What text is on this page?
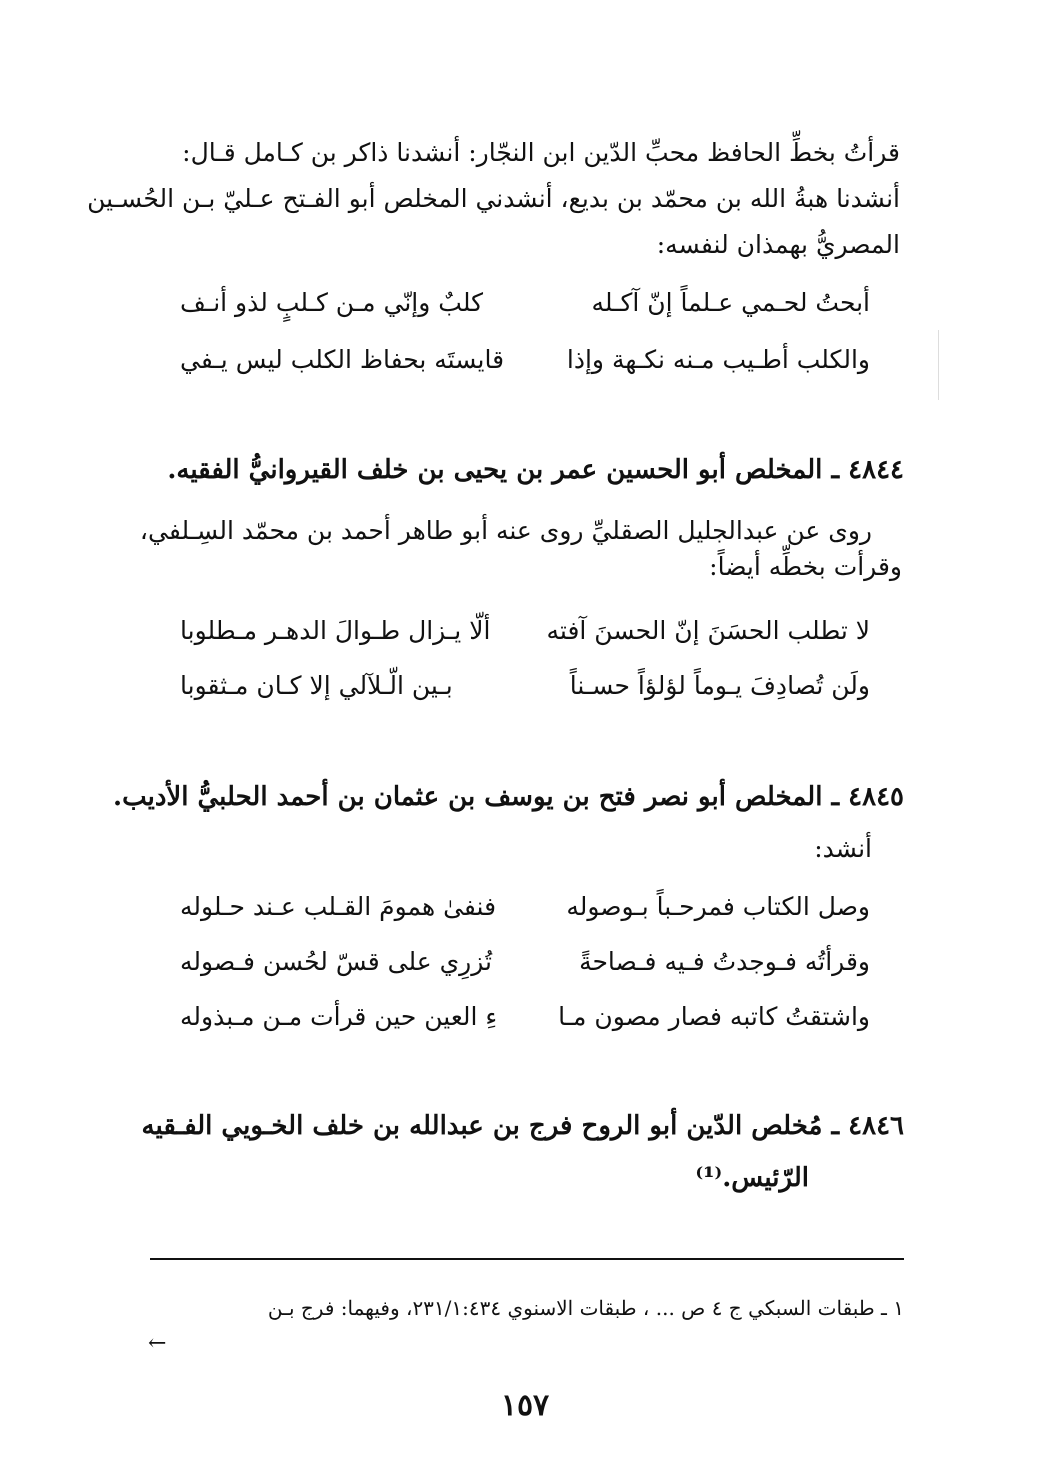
قرأتُ بخطِّ الحافظ محبِّ الدّين ابن النجّار: أنشدنا ذاكر بن كـامل قـال:
أنشدنا هبةُ الله بن محمّد بن بديع، أنشدني المخلص أبو الفـتح عـليّ بـن الحُسـين
المصريُّ بهمذان لنفسه:
أبحتُ لحـمي عـلماً إنّ آكـله
كلبٌ وإنّي مـن كـلبٍ لذو أنـف
والكلب أطـيب مـنه نكـهة وإذا
قايستَه بحفاظ الكلب ليس يـفي
٤٨٤٤ ـ المخلص أبو الحسين عمر بن يحيى بن خلف القيروانيُّ الفقيه.
روى عن عبدالجليل الصقليِّ روى عنه أبو طاهر أحمد بن محمّد السِـلفي،
وقرأت بخطِّه أيضاً:
لا تطلب الحسَنَ إنّ الحسنَ آفته
ألّا يـزال طـوالَ الدهـر مـطلوبا
ولَن تُصادِفَ يـوماً لؤلؤاً حسـناً
بـين الّـلآلي إلا كـان مـثقوبا
٤٨٤٥ ـ المخلص أبو نصر فتح بن يوسف بن عثمان بن أحمد الحلبيُّ الأديب.
أنشد:
وصل الكتاب فمرحـباً بـوصوله
فنفىٰ همومَ القـلب عـند حـلوله
وقرأتُه فـوجدتُ فـيه فـصاحةً
تُزرِي على قسّ لحُسن فـصوله
واشتقتُ كاتبه فصار مصون مـا
ءِ العين حين قرأت مـن مـبذوله
٤٨٤٦ ـ مُخلص الدّين أبو الروح فرج بن عبدالله بن خلف الخـويي الفـقيه
الرّئيس.⁽¹⁾
١ ـ طبقات السبكي ج ٤ ص ... ، طبقات الاسنوي ٢٣١/١:٤٣٤، وفيهما: فرج بـن
←
١٥٧
